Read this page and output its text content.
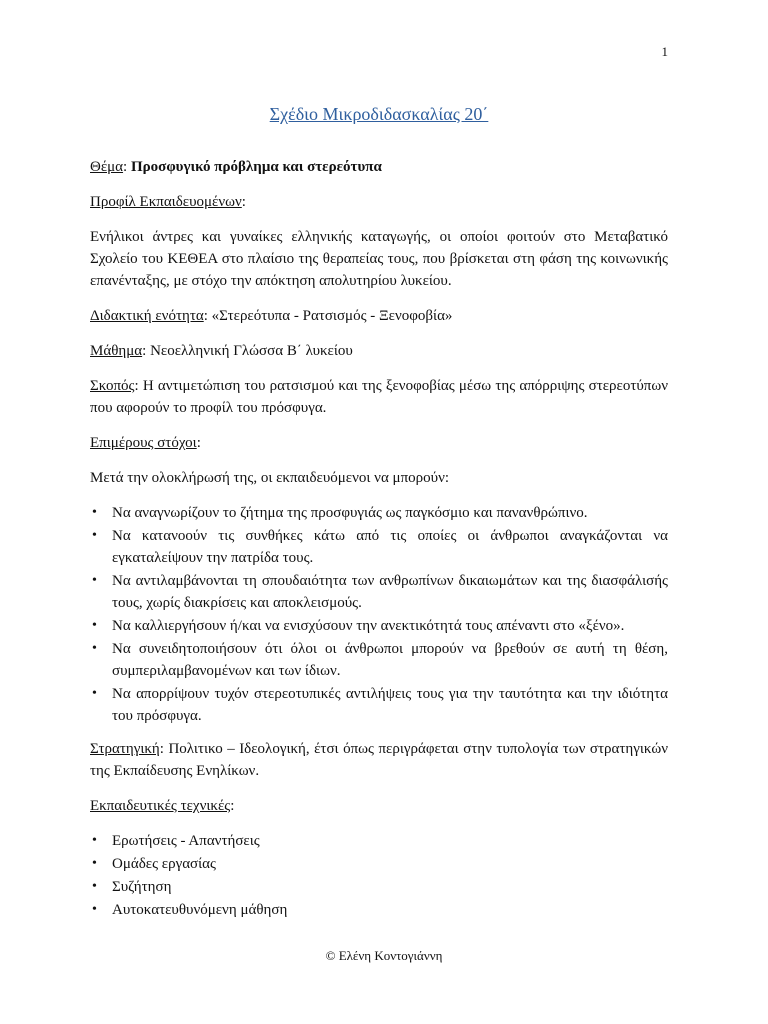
1
Σχέδιο Μικροδιδασκαλίας 20΄

Θέμα: Προσφυγικό πρόβλημα και στερεότυπα

Προφίλ Εκπαιδευομένων:

Ενήλικοι άντρες και γυναίκες ελληνικής καταγωγής, οι οποίοι φοιτούν στο Μεταβατικό Σχολείο του ΚΕΘΕΑ στο πλαίσιο της θεραπείας τους, που βρίσκεται στη φάση της κοινωνικής επανένταξης, με στόχο την απόκτηση απολυτηρίου λυκείου.

Διδακτική ενότητα: «Στερεότυπα - Ρατσισμός - Ξενοφοβία»

Μάθημα: Νεοελληνική Γλώσσα Β΄ λυκείου

Σκοπός: Η αντιμετώπιση του ρατσισμού και της ξενοφοβίας μέσω της απόρριψης στερεοτύπων που αφορούν το προφίλ του πρόσφυγα.

Επιμέρους στόχοι:

Μετά την ολοκλήρωσή της, οι εκπαιδευόμενοι να μπορούν:

• Να αναγνωρίζουν το ζήτημα της προσφυγιάς ως παγκόσμιο και πανανθρώπινο.
• Να κατανοούν τις συνθήκες κάτω από τις οποίες οι άνθρωποι αναγκάζονται να εγκαταλείψουν την πατρίδα τους.
• Να αντιλαμβάνονται τη σπουδαιότητα των ανθρωπίνων δικαιωμάτων και της διασφάλισής τους, χωρίς διακρίσεις και αποκλεισμούς.
• Να καλλιεργήσουν ή/και να ενισχύσουν την ανεκτικότητά τους απέναντι στο «ξένο».
• Να συνειδητοποιήσουν ότι όλοι οι άνθρωποι μπορούν να βρεθούν σε αυτή τη θέση, συμπεριλαμβανομένων και των ίδιων.
• Να απορρίψουν τυχόν στερεοτυπικές αντιλήψεις τους για την ταυτότητα και την ιδιότητα του πρόσφυγα.

Στρατηγική: Πολιτικο – Ιδεολογική, έτσι όπως περιγράφεται στην τυπολογία των στρατηγικών της Εκπαίδευσης Ενηλίκων.

Εκπαιδευτικές τεχνικές:

• Ερωτήσεις - Απαντήσεις
• Ομάδες εργασίας
• Συζήτηση
• Αυτοκατευθυνόμενη μάθηση
© Ελένη Κοντογιάννη
